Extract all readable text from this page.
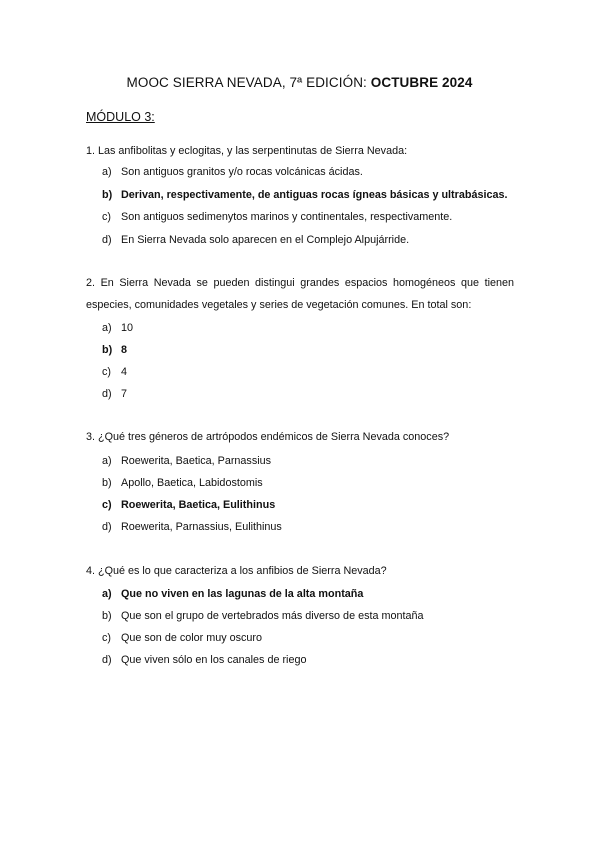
MOOC SIERRA NEVADA, 7ª EDICIÓN: OCTUBRE 2024
MÓDULO 3:
1. Las anfibolitas y eclogitas, y las serpentinutas de Sierra Nevada:
a) Son antiguos granitos y/o rocas volcánicas ácidas.
b) Derivan, respectivamente, de antiguas rocas ígneas básicas y ultrabásicas.
c) Son antiguos sedimenytos marinos y continentales, respectivamente.
d) En Sierra Nevada solo aparecen en el Complejo Alpujárride.
2. En Sierra Nevada se pueden distingui grandes espacios homogéneos que tienen especies, comunidades vegetales y series de vegetación comunes. En total son:
a) 10
b) 8
c) 4
d) 7
3. ¿Qué tres géneros de artrópodos endémicos de Sierra Nevada conoces?
a) Roewerita, Baetica, Parnassius
b) Apollo, Baetica, Labidostomis
c) Roewerita, Baetica, Eulithinus
d) Roewerita, Parnassius, Eulithinus
4. ¿Qué es lo que caracteriza a los anfibios de Sierra Nevada?
a) Que no viven en las lagunas de la alta montaña
b) Que son el grupo de vertebrados más diverso de esta montaña
c) Que son de color muy oscuro
d) Que viven sólo en los canales de riego
